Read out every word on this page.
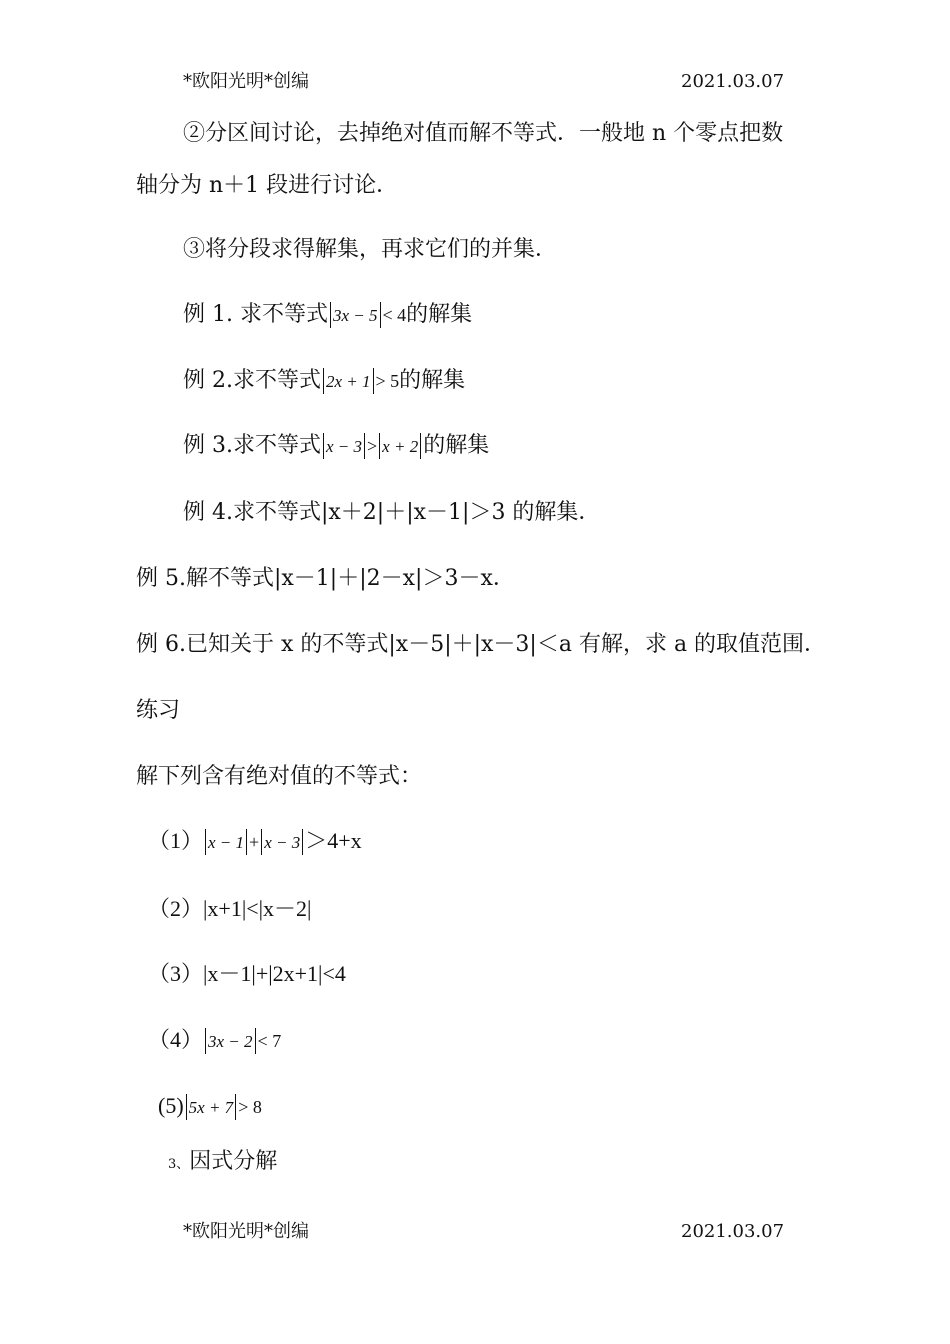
*欧阳光明*创编	2021.03.07
②分区间讨论，去掉绝对值而解不等式．一般地 n 个零点把数
轴分为 n＋1 段进行讨论．
③将分段求得解集，再求它们的并集．
例 1. 求不等式 3x − 5 < 4的解集
例 2.求不等式 2x + 1 > 5的解集
例 3.求不等式 x − 3 > x + 2 的解集
例 4.求不等式|x＋2|＋|x－1|＞3 的解集．
例 5.解不等式|x－1|＋|2－x|＞3－x．
例 6.已知关于 x 的不等式|x－5|＋|x－3|＜a 有解，求 a 的取值范围．
练习
解下列含有绝对值的不等式：
（1） x − 1 + x − 3 ＞4+x
（2）|x+1|<|x－2|
（3）|x－1|+|2x+1|<4
（4） 3x − 2 < 7
(5) 5x + 7 > 8
3、因式分解
*欧阳光明*创编	2021.03.07
